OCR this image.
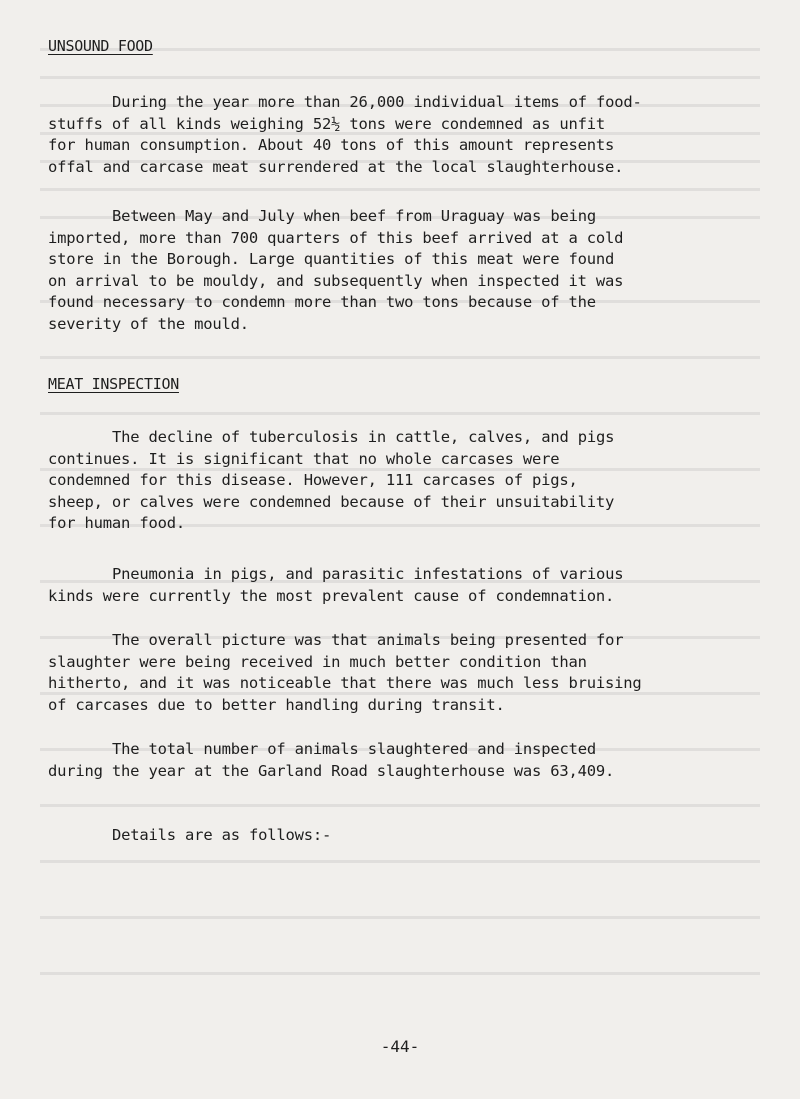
UNSOUND FOOD

During the year more than 26,000 individual items of food-
stuffs of all kinds weighing 52½ tons were condemned as unfit
for human consumption. About 40 tons of this amount represents
offal and carcase meat surrendered at the local slaughterhouse.

Between May and July when beef from Uraguay was being
imported, more than 700 quarters of this beef arrived at a cold
store in the Borough. Large quantities of this meat were found
on arrival to be mouldy, and subsequently when inspected it was
found necessary to condemn more than two tons because of the
severity of the mould.

MEAT INSPECTION

The decline of tuberculosis in cattle, calves, and pigs
continues. It is significant that no whole carcases were
condemned for this disease. However, 111 carcases of pigs,
sheep, or calves were condemned because of their unsuitability
for human food.

Pneumonia in pigs, and parasitic infestations of various
kinds were currently the most prevalent cause of condemnation.

The overall picture was that animals being presented for
slaughter were being received in much better condition than
hitherto, and it was noticeable that there was much less bruising
of carcases due to better handling during transit.

The total number of animals slaughtered and inspected
during the year at the Garland Road slaughterhouse was 63,409.

Details are as follows:-

-44-
